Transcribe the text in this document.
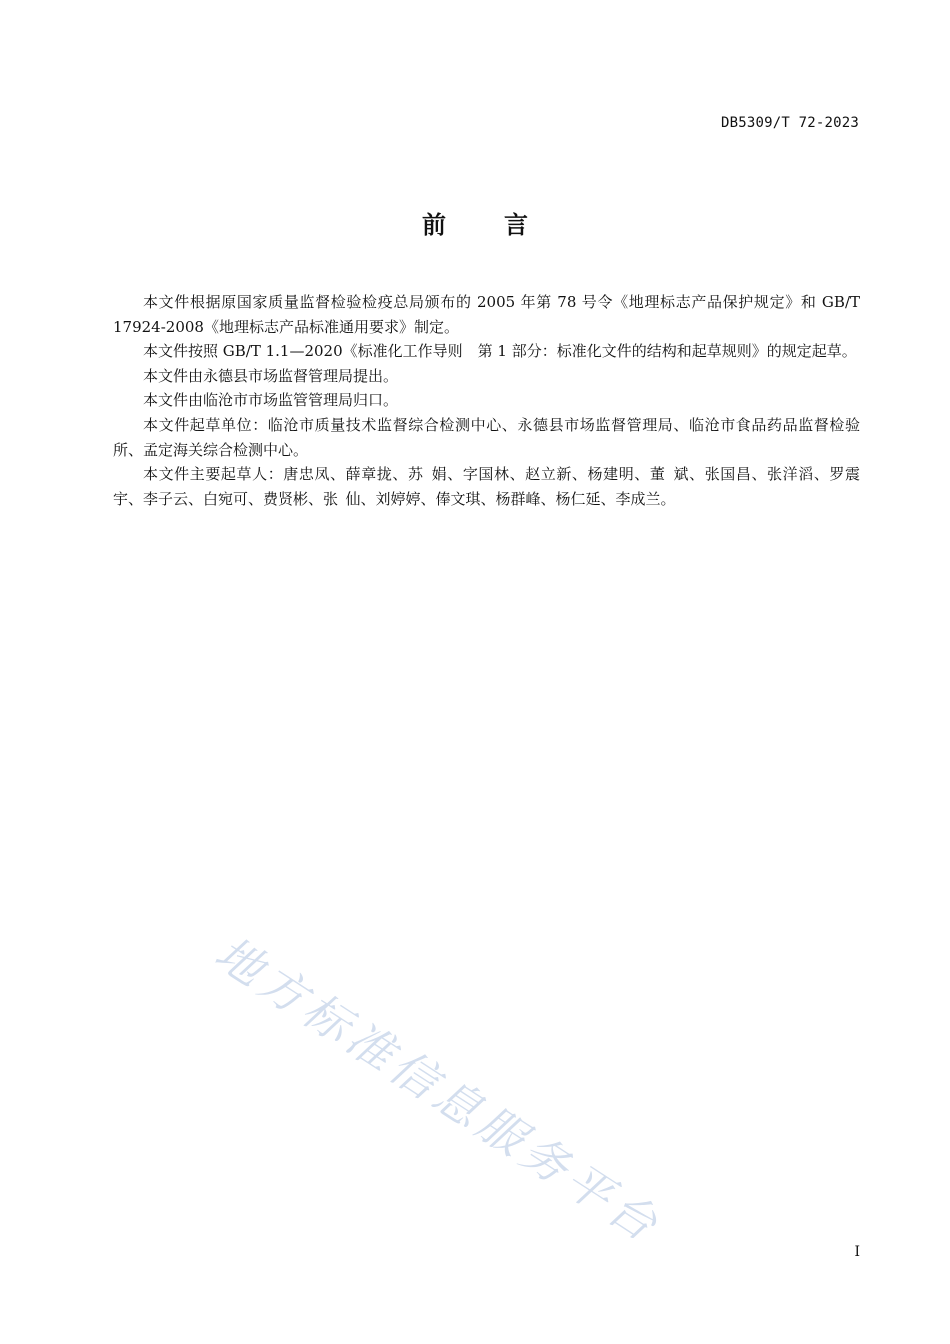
DB5309/T 72-2023
前言

本文件根据原国家质量监督检验检疫总局颁布的 2005 年第 78 号令《地理标志产品保护规定》和 GB/T 17924-2008《地理标志产品标准通用要求》制定。

本文件按照 GB/T 1.1—2020《标准化工作导则　第 1 部分：标准化文件的结构和起草规则》的规定起草。

本文件由永德县市场监督管理局提出。

本文件由临沧市市场监管管理局归口。

本文件起草单位：临沧市质量技术监督综合检测中心、永德县市场监督管理局、临沧市食品药品监督检验所、孟定海关综合检测中心。

本文件主要起草人：唐忠凤、薛章拢、苏 娟、字国林、赵立新、杨建明、董 斌、张国昌、张洋滔、罗震宇、李子云、白宛可、费贤彬、张 仙、刘婷婷、俸文琪、杨群峰、杨仁延、李成兰。

地方标准信息服务平台	I
